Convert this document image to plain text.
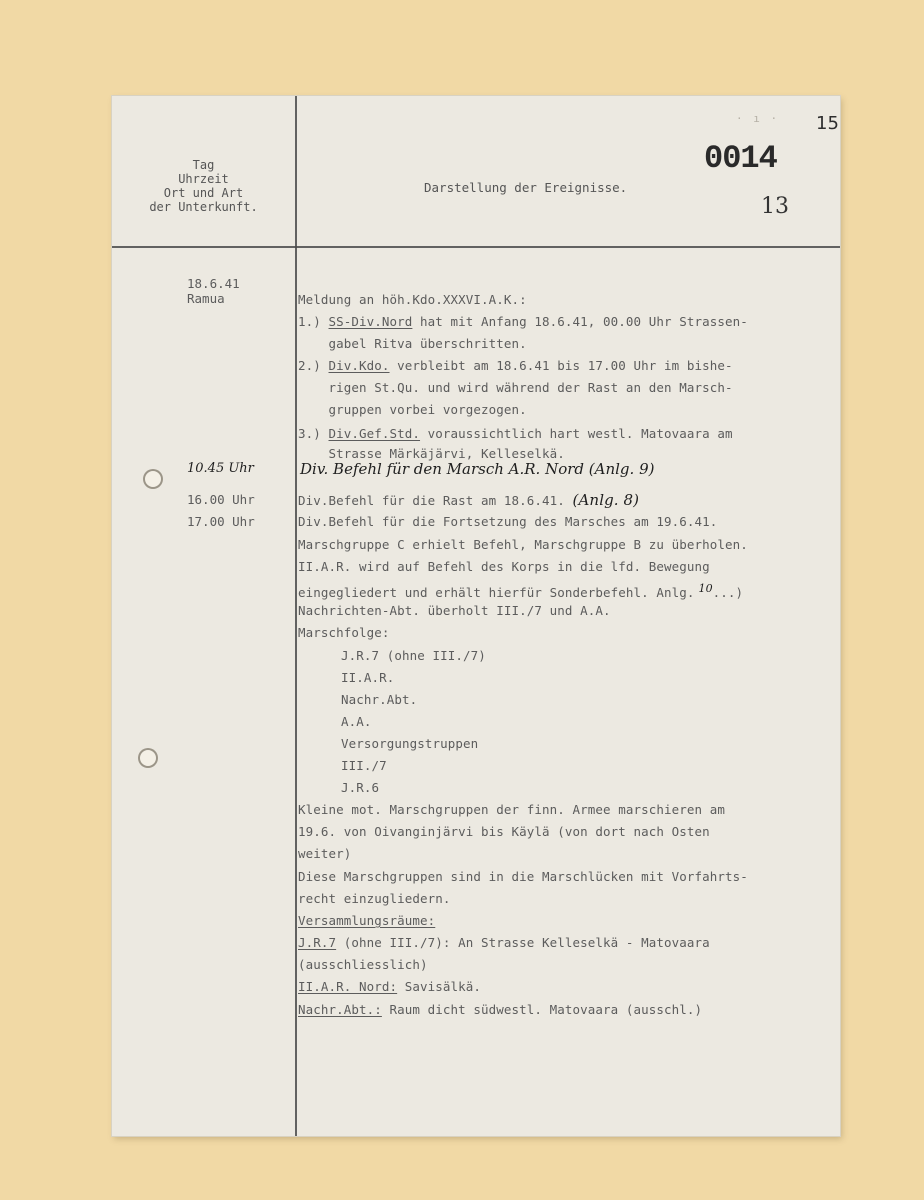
Tag
Uhrzeit
Ort und Art
der Unterkunft.
Darstellung der Ereignisse.
· ı · 15
0014
13
18.6.41
Ramua
10.45 Uhr
16.00 Uhr
17.00 Uhr
Meldung an höh.Kdo.XXXVI.A.K.:
1.) SS-Div.Nord hat mit Anfang 18.6.41, 00.00 Uhr Strassen-
gabel Ritva überschritten.
2.) Div.Kdo. verbleibt am 18.6.41 bis 17.00 Uhr im bishe-
rigen St.Qu. und wird während der Rast an den Marsch-
gruppen vorbei vorgezogen.
3.) Div.Gef.Std. voraussichtlich hart westl. Matovaara am
Strasse Märkäjärvi, Kelleselkä.
Div. Befehl für den Marsch A.R. Nord (Anlg. 9)
Div.Befehl für die Rast am 18.6.41. (Anlg. 8)
Div.Befehl für die Fortsetzung des Marsches am 19.6.41.
Marschgruppe C erhielt Befehl, Marschgruppe B zu überholen.
II.A.R. wird auf Befehl des Korps in die lfd. Bewegung
eingegliedert und erhält hierfür Sonderbefehl. Anlg. $^{10}$...)
Nachrichten-Abt. überholt III./7 und A.A.
Marschfolge:
J.R.7 (ohne III./7)
II.A.R.
Nachr.Abt.
A.A.
Versorgungstruppen
III./7
J.R.6
Kleine mot. Marschgruppen der finn. Armee marschieren am
19.6. von Oivanginjärvi bis Käylä (von dort nach Osten
weiter)
Diese Marschgruppen sind in die Marschlücken mit Vorfahrts-
recht einzugliedern.
Versammlungsräume:
J.R.7 (ohne III./7): An Strasse Kelleselkä - Matovaara
(ausschliesslich)
II.A.R. Nord: Savisälkä.
Nachr.Abt.: Raum dicht südwestl. Matovaara (ausschl.)
